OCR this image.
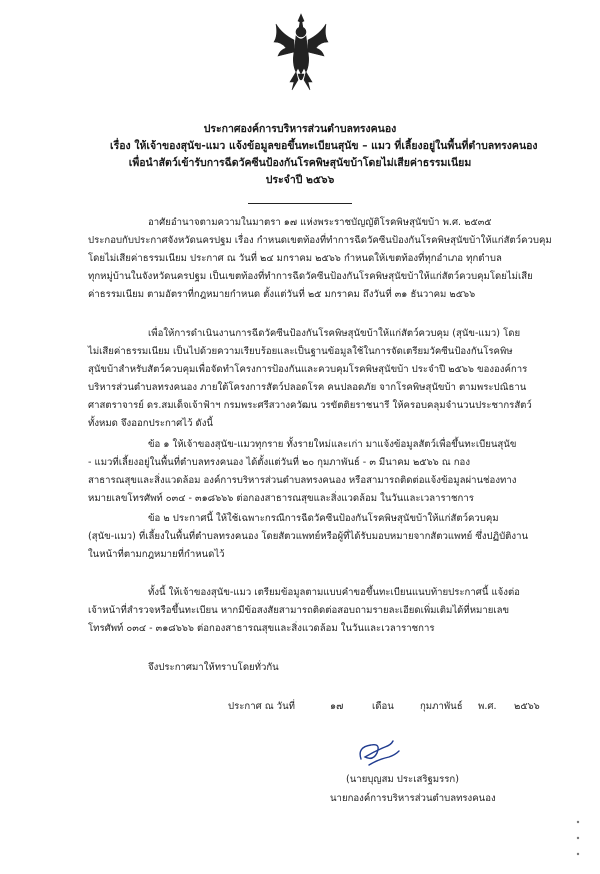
ประกาศองค์การบริหารส่วนตำบลทรงคนอง
เรื่อง ให้เจ้าของสุนัข-แมว แจ้งข้อมูลขอขึ้นทะเบียนสุนัข – แมว ที่เลี้ยงอยู่ในพื้นที่ตำบลทรงคนอง
เพื่อนำสัตว์เข้ารับการฉีดวัคซีนป้องกันโรคพิษสุนัขบ้าโดยไม่เสียค่าธรรมเนียม
ประจำปี ๒๕๖๖
อาศัยอำนาจตามความในมาตรา ๑๗ แห่งพระราชบัญญัติโรคพิษสุนัขบ้า พ.ศ. ๒๕๓๕
ประกอบกับประกาศจังหวัดนครปฐม เรื่อง กำหนดเขตท้องที่ทำการฉีดวัคซีนป้องกันโรคพิษสุนัขบ้าให้แก่สัตว์ควบคุม
โดยไม่เสียค่าธรรมเนียม ประกาศ ณ วันที่ ๒๔ มกราคม ๒๕๖๖ กำหนดให้เขตท้องที่ทุกอำเภอ ทุกตำบล
ทุกหมู่บ้านในจังหวัดนครปฐม เป็นเขตท้องที่ทำการฉีดวัคซีนป้องกันโรคพิษสุนัขบ้าให้แก่สัตว์ควบคุมโดยไม่เสีย
ค่าธรรมเนียม ตามอัตราที่กฎหมายกำหนด ตั้งแต่วันที่ ๒๕ มกราคม ถึงวันที่ ๓๑ ธันวาคม ๒๕๖๖
เพื่อให้การดำเนินงานการฉีดวัคซีนป้องกันโรคพิษสุนัขบ้าให้แก่สัตว์ควบคุม (สุนัข-แมว) โดย
ไม่เสียค่าธรรมเนียม เป็นไปด้วยความเรียบร้อยและเป็นฐานข้อมูลใช้ในการจัดเตรียมวัคซีนป้องกันโรคพิษ
สุนัขบ้าสำหรับสัตว์ควบคุมเพื่อจัดทำโครงการป้องกันและควบคุมโรคพิษสุนัขบ้า ประจำปี ๒๕๖๖ ขององค์การ
บริหารส่วนตำบลทรงคนอง ภายใต้โครงการสัตว์ปลอดโรค คนปลอดภัย จากโรคพิษสุนัขบ้า ตามพระปณิธาน
ศาสตราจารย์ ดร.สมเด็จเจ้าฟ้าฯ กรมพระศรีสวางควัฒน วรขัตติยราชนารี ให้ครอบคลุมจำนวนประชากรสัตว์
ทั้งหมด จึงออกประกาศไว้ ดังนี้
ข้อ ๑ ให้เจ้าของสุนัข-แมวทุกราย ทั้งรายใหม่และเก่า มาแจ้งข้อมูลสัตว์เพื่อขึ้นทะเบียนสุนัข
- แมวที่เลี้ยงอยู่ในพื้นที่ตำบลทรงคนอง ได้ตั้งแต่วันที่ ๒๐ กุมภาพันธ์ - ๓ มีนาคม ๒๕๖๖ ณ กอง
สาธารณสุขและสิ่งแวดล้อม องค์การบริหารส่วนตำบลทรงคนอง หรือสามารถติดต่อแจ้งข้อมูลผ่านช่องทาง
หมายเลขโทรศัพท์ ๐๓๔ - ๓๑๘๖๖๖ ต่อกองสาธารณสุขและสิ่งแวดล้อม ในวันและเวลาราชการ
ข้อ ๒ ประกาศนี้ ให้ใช้เฉพาะกรณีการฉีดวัคซีนป้องกันโรคพิษสุนัขบ้าให้แก่สัตว์ควบคุม
(สุนัข-แมว) ที่เลี้ยงในพื้นที่ตำบลทรงคนอง โดยสัตวแพทย์หรือผู้ที่ได้รับมอบหมายจากสัตวแพทย์ ซึ่งปฏิบัติงาน
ในหน้าที่ตามกฎหมายที่กำหนดไว้
ทั้งนี้ ให้เจ้าของสุนัข-แมว เตรียมข้อมูลตามแบบคำขอขึ้นทะเบียนแนบท้ายประกาศนี้ แจ้งต่อ
เจ้าหน้าที่สำรวจหรือขึ้นทะเบียน หากมีข้อสงสัยสามารถติดต่อสอบถามรายละเอียดเพิ่มเติมได้ที่หมายเลข
โทรศัพท์ ๐๓๔ - ๓๑๘๖๖๖ ต่อกองสาธารณสุขและสิ่งแวดล้อม ในวันและเวลาราชการ
จึงประกาศมาให้ทราบโดยทั่วกัน
ประกาศ ณ วันที่	๑๗	เดือน	กุมภาพันธ์ พ.ศ. ๒๕๖๖
(นายบุญสม ประเสริฐมรรก)
นายกองค์การบริหารส่วนตำบลทรงคนอง
